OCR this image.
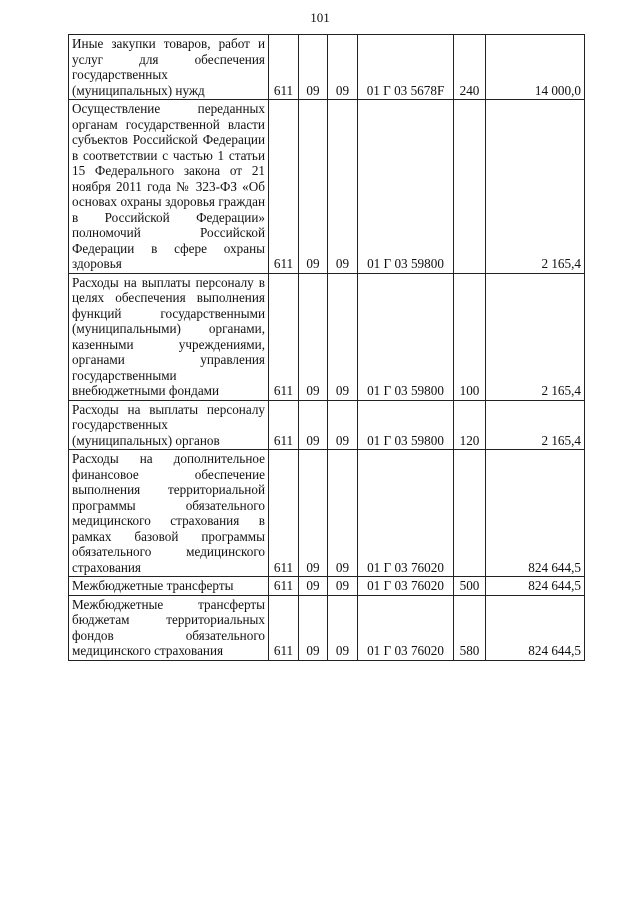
101
Иные закупки товаров, работ и услуг для обеспечения государственных (муниципальных) нужд	611	09	09	01 Г 03 5678F	240	14 000,0
Осуществление переданных органам государственной власти субъектов Российской Федерации в соответствии с частью 1 статьи 15 Федерального закона от 21 ноября 2011 года № 323-ФЗ «Об основах охраны здоровья граждан в Российской Федерации» полномочий Российской Федерации в сфере охраны здоровья	611	09	09	01 Г 03 59800		2 165,4
Расходы на выплаты персоналу в целях обеспечения выполнения функций государственными (муниципальными) органами, казенными учреждениями, органами управления государственными внебюджетными фондами	611	09	09	01 Г 03 59800	100	2 165,4
Расходы на выплаты персоналу государственных (муниципальных) органов	611	09	09	01 Г 03 59800	120	2 165,4
Расходы на дополнительное финансовое обеспечение выполнения территориальной программы обязательного медицинского страхования в рамках базовой программы обязательного медицинского страхования	611	09	09	01 Г 03 76020		824 644,5
Межбюджетные трансферты	611	09	09	01 Г 03 76020	500	824 644,5
Межбюджетные трансферты бюджетам территориальных фондов обязательного медицинского страхования	611	09	09	01 Г 03 76020	580	824 644,5
